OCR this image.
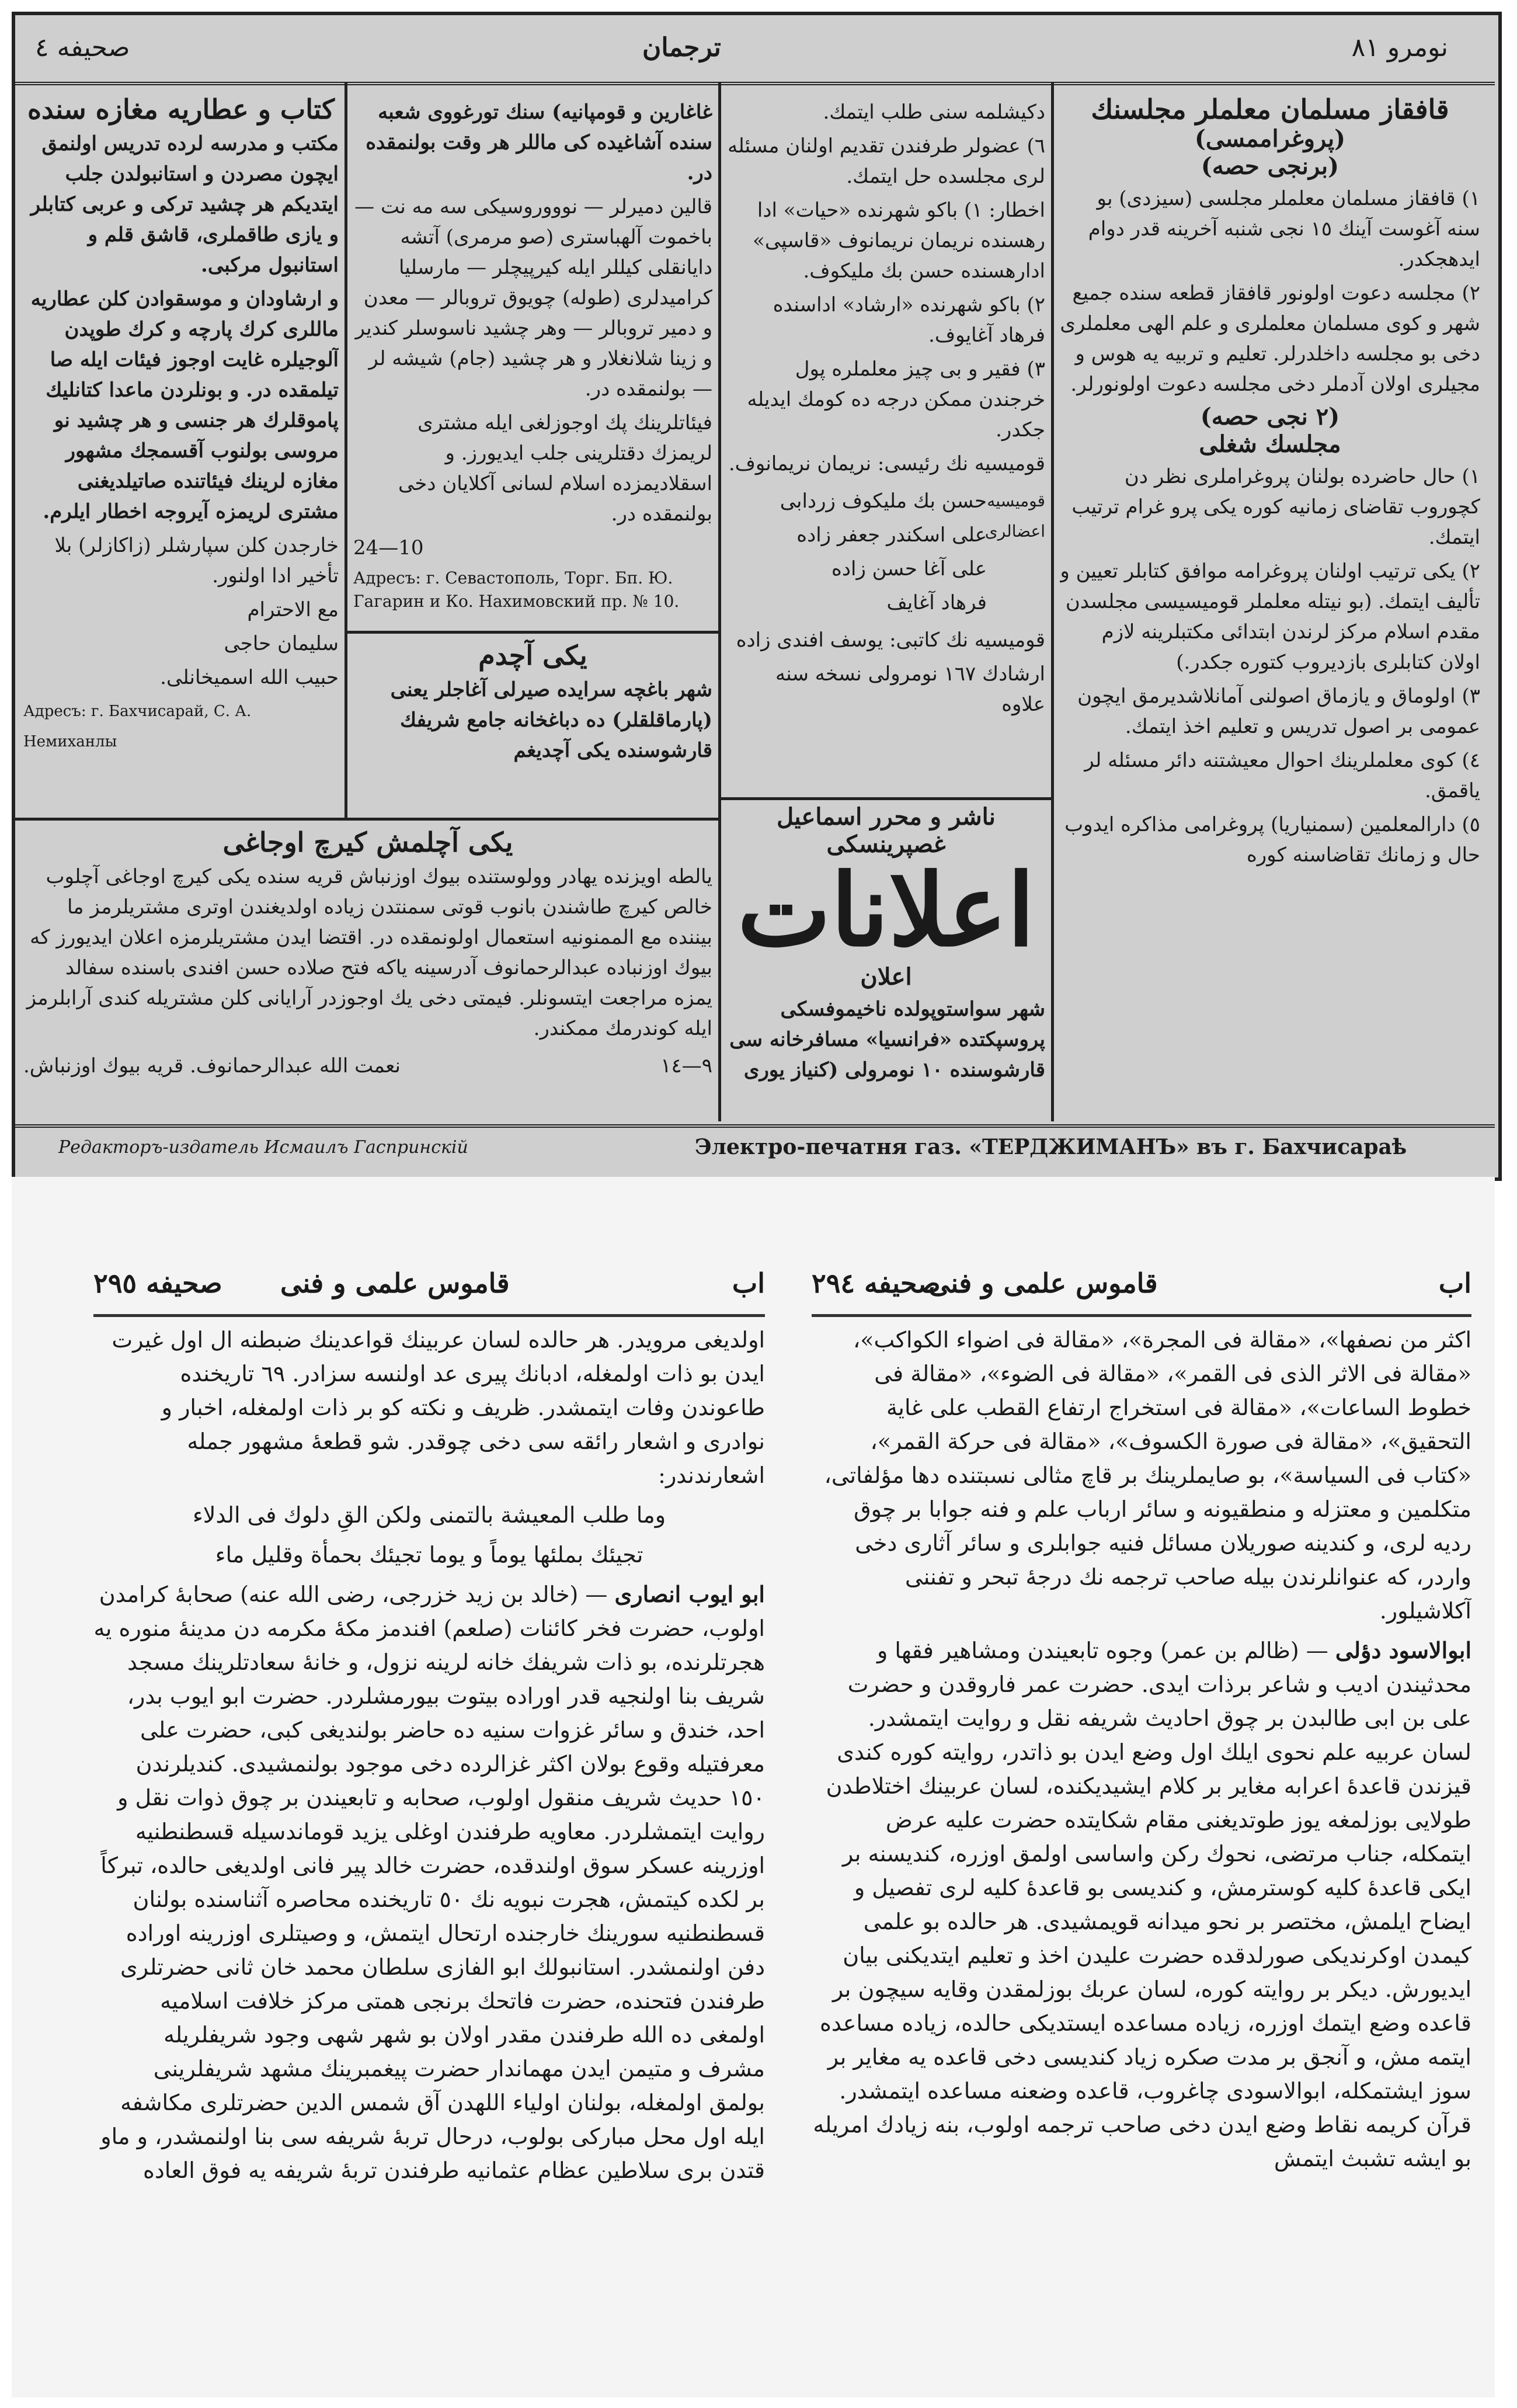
صحیفه ٤	ترجمان	نومرو ٨١
قافقاز مسلمان معلملر مجلسنك
(پروغراممسی)
(برنجی حصه)

١) قافقاز مسلمان معلملر مجلسی (سیزدی) بو سنه آغوست آینك ١٥ نجی شنبه آخرینه قدر دوام ایدهجکدر.

٢) مجلسه دعوت اولونور قافقاز قطعه سنده جمیع شهر و کوی مسلمان معلملری و علم الهی معلملری دخی بو مجلسه داخلدرلر. تعلیم و تربیه یه هوس و مجیلری اولان آدملر دخی مجلسه دعوت اولونورلر.

(٢ نجی حصه)
مجلسك شغلی

١) حال حاضرده بولنان پروغراملری نظر دن کچوروب تقاضای زمانیه کوره یکی پرو غرام ترتیب ایتمك.

٢) یکی ترتیب اولنان پروغرامه موافق کتابلر تعیین و تألیف ایتمك. (بو نیتله معلملر قومیسیسی مجلسدن مقدم اسلام مرکز لرندن ابتدائی مکتبلرینه لازم اولان کتابلری بازدیروب کتوره جکدر.)

٣) اولوماق و یازماق اصولنی آمانلاشدیرمق ایچون عمومی بر اصول تدریس و تعلیم اخذ ایتمك.

٤) کوی معلملرینك احوال معیشتنه دائر مسئله لر یاقمق.

٥) دارالمعلمین (سمنیاریا) پروغرامی مذاکره ایدوب حال و زمانك تقاضاسنه کوره

دکیشلمه سنی طلب ایتمك.

٦) عضولر طرفندن تقدیم اولنان مسئله لری مجلسده حل ایتمك.

اخطار: ١) باکو شهرنده «حیات» ادا رهسنده نریمان نریمانوف «قاسپی» ادارهسنده حسن بك ملیکوف.

٢) باکو شهرنده «ارشاد» اداسنده فرهاد آغایوف.

٣) فقیر و بی چیز معلملره پول خرجندن ممکن درجه ده کومك ایدیله جکدر.

قومیسیه نك رئیسی: نریمان نریمانوف.

قومیسیه اعضالری
حسن بك ملیکوف زردابی
علی اسکندر جعفر زاده
علی آغا حسن زاده
فرهاد آغایف

قومیسیه نك کاتبی: یوسف افندی زاده

ارشادك ١٦٧ نومرولی نسخه سنه علاوه

ناشر و محرر اسماعیل غصپرینسکی
اعلانات
اعلان

شهر سواستوپولده ناخیموفسکی پروسپکتده «فرانسیا» مسافرخانه سی قارشوسنده ١٠ نومرولی (کنیاز یوری

غاغارین و قومپانیه) سنك تورغووی شعبه سنده آشاغیده کی ماللر هر وقت بولنمقده در.

قالین دمیرلر — نوووروسیکی سه مه نت — باخموت آلهباستری (صو مرمری) آتشه دایانقلی کیللر ایله کیرپیچلر — مارسلیا کرامیدلری (طوله) چویوق تروبالر — معدن و دمیر تروبالر — وهر چشید ناسوسلر کندیر و زینا شلانغلار و هر چشید (جام) شیشه لر — بولنمقده در.

فیئاتلرینك پك اوجوزلغی ایله مشتری لریمزك دقتلرینی جلب ایدیورز. و اسقلادیمزده اسلام لسانی آکلایان دخی بولنمقده در.

10—24

Адресъ: г. Севастополь, Торг. Бп. Ю. Гагарин и Ко. Нахимовский пр. № 10.

یکی آچدم

شهر باغچه سرایده صیرلی آغاجلر یعنی (پارماقلقلر) ده دباغخانه جامع شریفك قارشوسنده یکی آچدیغم

کتاب و عطاریه مغازه سنده

مکتب و مدرسه لرده تدریس اولنمق ایچون مصردن و استانبولدن جلب ایتدیکم هر چشید ترکی و عربی کتابلر و یازی طاقملری، قاشق قلم و استانبول مرکبی.

و ارشاودان و موسقوادن کلن عطاریه ماللری کرك پارچه و کرك طوپدن آلوجیلره غایت اوجوز فیئات ایله صا تیلمقده در. و بونلردن ماعدا کتانلیك پاموقلرك هر جنسی و هر چشید نو مروسی بولنوب آقسمجك مشهور مغازه لرینك فیئاتنده صاتیلدیغنی مشتری لریمزه آیروجه اخطار ایلرم.

خارجدن کلن سپارشلر (زاکازلر) بلا تأخیر ادا اولنور.

مع الاحترام
سلیمان حاجی
حبیب الله اسمیخانلی.
Адресъ: г. Бахчисарай, С. А. Немиханлы
یکی آچلمش کیرچ اوجاغی

یالطه اویزنده یهادر وولوستنده بیوك اوزنباش قریه سنده یکی کیرچ اوجاغی آچلوب خالص کیرچ طاشندن بانوب قوتی سمنتدن زیاده اولدیغندن اوتری مشتریلرمز ما بیننده مع الممنونیه استعمال اولونمقده در. اقتضا ایدن مشتریلرمزه اعلان ایدیورز که بیوك اوزنباده عبدالرحمانوف آدرسینه یاکه فتح صلاده حسن افندی باسنده سفالد یمزه مراجعت ایتسونلر. فیمتی دخی یك اوجوزدر آرایانی کلن مشتریله کندی آرابلرمز ایله کوندرمك ممکندر.

٩—١٤
نعمت الله عبدالرحمانوف. قریه بیوك اوزنباش.
Редакторъ-издатель Исмаилъ Гаспринскій	Электро-печатня газ. «ТЕРДЖИМАНЪ» въ г. Бахчисараѣ
اب
قاموس علمی و فنی
صحیفه ٢٩٤

اکثر من نصفها»، «مقالة فی المجرة»، «مقالة فی اضواء الکواکب»، «مقالة فی الاثر الذی فی القمر»، «مقالة فی الضوء»، «مقالة فی خطوط الساعات»، «مقالة فی استخراج ارتفاع القطب علی غایة التحقیق»، «مقالة فی صورة الکسوف»، «مقالة فی حرکة القمر»، «کتاب فی السیاسة»، بو صایملرینك بر قاچ مثالی نسبتنده دها مؤلفاتی، متکلمین و معتزله و منطقیونه و سائر ارباب علم و فنه جوابا بر چوق ردیه لری، و کندینه صوریلان مسائل فنیه جوابلری و سائر آثاری دخی واردر، که عنوانلرندن بیله صاحب ترجمه نك درجهٔ تبحر و تفننی آکلاشیلور.

ابوالاسود دؤلی — (ظالم بن عمر) وجوه تابعیندن ومشاهیر فقها و محدثیندن ادیب و شاعر برذات ایدی. حضرت عمر فاروقدن و حضرت علی بن ابی طالبدن بر چوق احادیث شریفه نقل و روایت ایتمشدر. لسان عربیه علم نحوی ایلك اول وضع ایدن بو ذاتدر، روایته کوره کندی قیزندن قاعدهٔ اعرابه مغایر بر کلام ایشیدیکنده، لسان عربینك اختلاطدن طولایی بوزلمغه یوز طوتدیغنی مقام شکایتده حضرت علیه عرض ایتمکله، جناب مرتضی، نحوك رکن واساسی اولمق اوزره، کندیسنه بر ایکی قاعدهٔ کلیه کوسترمش، و کندیسی بو قاعدهٔ کلیه لری تفصیل و ایضاح ایلمش، مختصر بر نحو میدانه قویمشیدی. هر حالده بو علمی کیمدن اوکرندیکی صورلدقده حضرت علیدن اخذ و تعلیم ایتدیکنی بیان ایدیورش. دیکر بر روایته کوره، لسان عربك بوزلمقدن وقایه سیچون بر قاعده وضع ایتمك اوزره، زیاده مساعده ایستدیکی حالده، زیاده مساعده ایتمه مش، و آنجق بر مدت صکره زیاد کندیسی دخی قاعده یه مغایر بر سوز ایشتمکله، ابوالاسودی چاغروب، قاعده وضعنه مساعده ایتمشدر. قرآن کریمه نقاط وضع ایدن دخی صاحب ترجمه اولوب، بنه زیادك امریله بو ایشه تشبث ایتمش

اب
قاموس علمی و فنی
صحیفه ٢٩٥

اولدیغی مرویدر. هر حالده لسان عربینك قواعدینك ضبطنه ال اول غیرت ایدن بو ذات اولمغله، ادبانك پیری عد اولنسه سزادر. ٦٩ تاریخنده طاعوندن وفات ایتمشدر. ظریف و نکته کو بر ذات اولمغله، اخبار و نوادری و اشعار رائقه سی دخی چوقدر. شو قطعهٔ مشهور جمله اشعارندندر:

وما طلب المعیشة بالتمنی ولکن القِ دلوك فی الدلاء

تجیئك بملئها یوماً و یوما تجیئك بحمأة وقلیل ماء

ابو ایوب انصاری — (خالد بن زید خزرجی، رضی الله عنه) صحابهٔ کرامدن اولوب، حضرت فخر کائنات (صلعم) افندمز مکهٔ مکرمه دن مدینهٔ منوره یه هجرتلرنده، بو ذات شریفك خانه لرینه نزول، و خانهٔ سعادتلرینك مسجد شریف بنا اولنجیه قدر اوراده بیتوت بیورمشلردر. حضرت ابو ایوب بدر، احد، خندق و سائر غزوات سنیه ده حاضر بولندیغی کبی، حضرت علی معرفتیله وقوع بولان اکثر غزالرده دخی موجود بولنمشیدی. کندیلرندن ١٥٠ حدیث شریف منقول اولوب، صحابه و تابعیندن بر چوق ذوات نقل و روایت ایتمشلردر. معاویه طرفندن اوغلی یزید قوماندسیله قسطنطنیه اوزرینه عسکر سوق اولندقده، حضرت خالد پیر فانی اولدیغی حالده، تبرکاً بر لکده کیتمش، هجرت نبویه نك ٥٠ تاریخنده محاصره آثناسنده بولنان قسطنطنیه سورینك خارجنده ارتحال ایتمش، و وصیتلری اوزرینه اوراده دفن اولنمشدر. استانبولك ابو الفازی سلطان محمد خان ثانی حضرتلری طرفندن فتحنده، حضرت فاتحك برنجی همتی مرکز خلافت اسلامیه اولمغی ده الله طرفندن مقدر اولان بو شهر شهی وجود شریفلریله مشرف و متیمن ایدن مهماندار حضرت پیغمبرینك مشهد شریفلرینی بولمق اولمغله، بولنان اولیاء اللهدن آق شمس الدین حضرتلری مکاشفه ایله اول محل مبارکی بولوب، درحال تربهٔ شریفه سی بنا اولنمشدر، و ماو قتدن بری سلاطین عظام عثمانیه طرفندن تربهٔ شریفه یه فوق العاده
